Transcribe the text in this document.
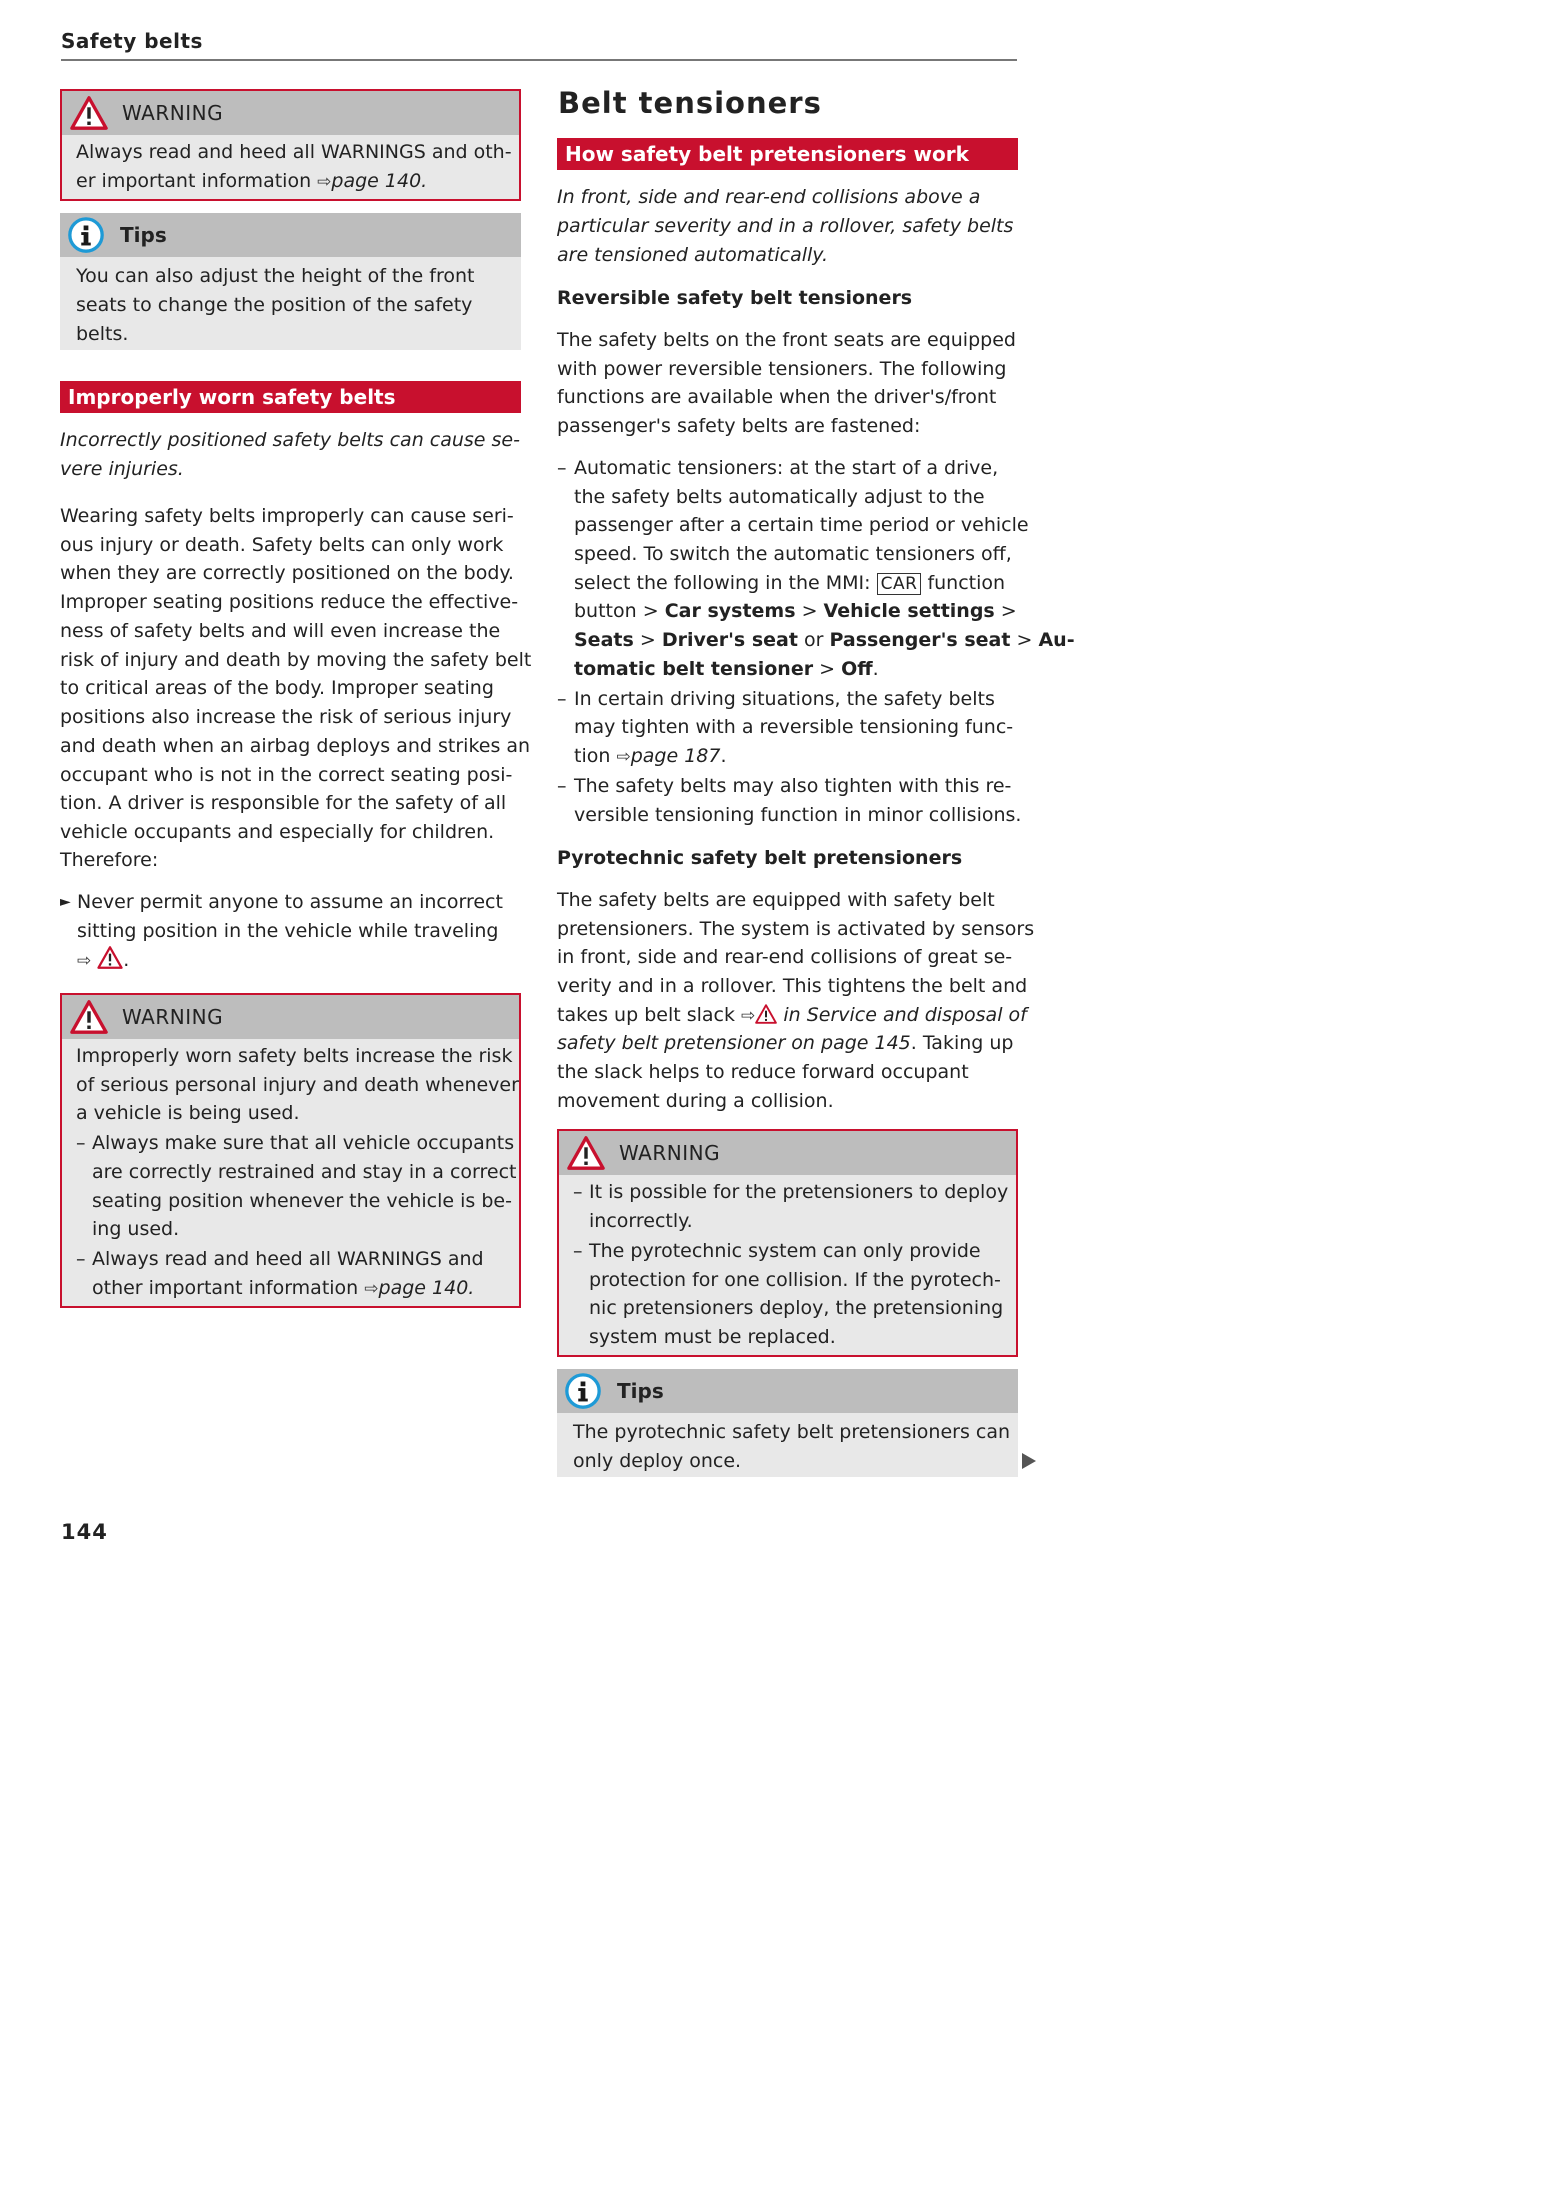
Safety belts
WARNING
Always read and heed all WARNINGS and oth-
er important information ⇨page 140.
Tips
You can also adjust the height of the front
seats to change the position of the safety
belts.
Improperly worn safety belts
Incorrectly positioned safety belts can cause se-
vere injuries.
Wearing safety belts improperly can cause seri-
ous injury or death. Safety belts can only work
when they are correctly positioned on the body.
Improper seating positions reduce the effective-
ness of safety belts and will even increase the
risk of injury and death by moving the safety belt
to critical areas of the body. Improper seating
positions also increase the risk of serious injury
and death when an airbag deploys and strikes an
occupant who is not in the correct seating posi-
tion. A driver is responsible for the safety of all
vehicle occupants and especially for children.
Therefore:
► Never permit anyone to assume an incorrect
sitting position in the vehicle while traveling
⇨ .
WARNING
Improperly worn safety belts increase the risk
of serious personal injury and death whenever
a vehicle is being used.
– Always make sure that all vehicle occupants
are correctly restrained and stay in a correct
seating position whenever the vehicle is be-
ing used.
– Always read and heed all WARNINGS and
other important information ⇨page 140.
Belt tensioners
How safety belt pretensioners work
In front, side and rear-end collisions above a
particular severity and in a rollover, safety belts
are tensioned automatically.
Reversible safety belt tensioners
The safety belts on the front seats are equipped
with power reversible tensioners. The following
functions are available when the driver's/front
passenger's safety belts are fastened:
– Automatic tensioners: at the start of a drive,
the safety belts automatically adjust to the
passenger after a certain time period or vehicle
speed. To switch the automatic tensioners off,
select the following in the MMI: CAR function
button > Car systems > Vehicle settings >
Seats > Driver's seat or Passenger's seat > Au-
tomatic belt tensioner > Off.
– In certain driving situations, the safety belts
may tighten with a reversible tensioning func-
tion ⇨page 187.
– The safety belts may also tighten with this re-
versible tensioning function in minor collisions.
Pyrotechnic safety belt pretensioners
The safety belts are equipped with safety belt
pretensioners. The system is activated by sensors
in front, side and rear-end collisions of great se-
verity and in a rollover. This tightens the belt and
takes up belt slack ⇨ in Service and disposal of
safety belt pretensioner on page 145. Taking up
the slack helps to reduce forward occupant
movement during a collision.
WARNING
– It is possible for the pretensioners to deploy
incorrectly.
– The pyrotechnic system can only provide
protection for one collision. If the pyrotech-
nic pretensioners deploy, the pretensioning
system must be replaced.
Tips
The pyrotechnic safety belt pretensioners can
only deploy once.
144
